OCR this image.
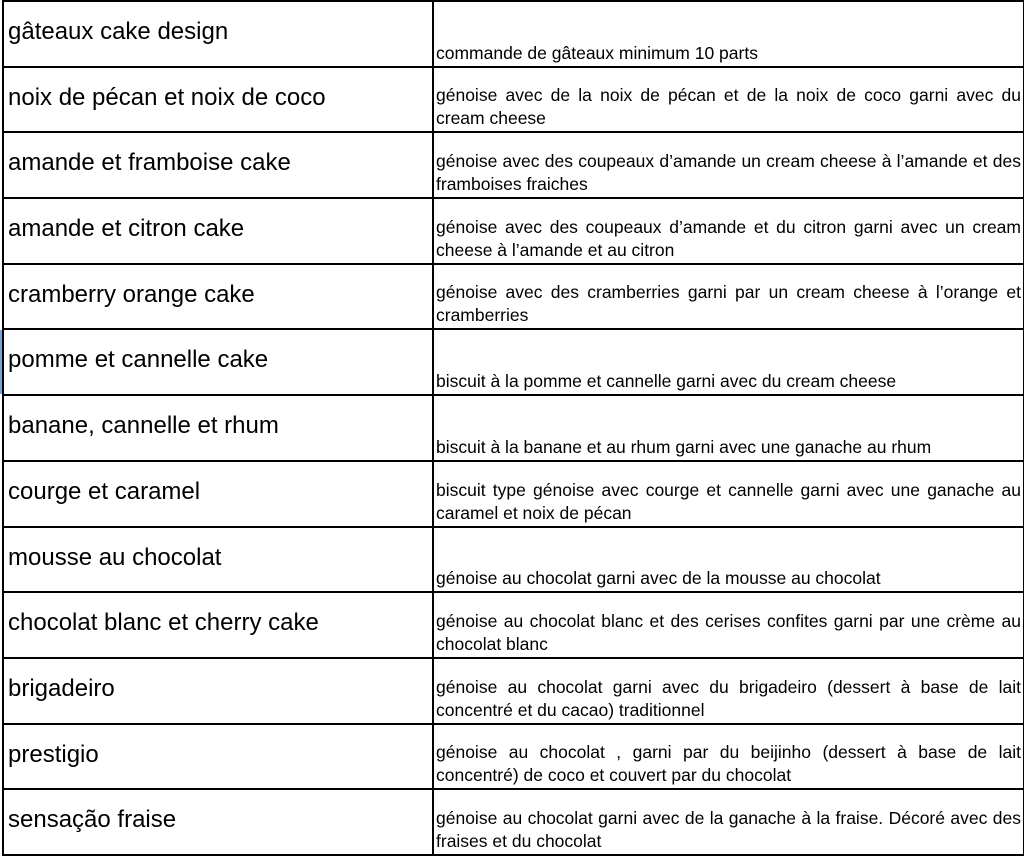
gâteaux cake design	commande de gâteaux minimum 10 parts
noix de pécan et noix de coco	génoise avec de la noix de pécan et de la noix de coco garni avec du cream cheese
amande et framboise cake	génoise avec des coupeaux d’amande un cream cheese à l’amande et des framboises fraiches
amande et citron cake	génoise avec des coupeaux d’amande et du citron garni avec un cream cheese à l’amande et au citron
cramberry orange cake	génoise avec des cramberries garni par un cream cheese à l’orange et cramberries
pomme et cannelle cake	biscuit à la pomme et cannelle garni avec du cream cheese
banane, cannelle et rhum	biscuit à la banane et au rhum garni avec une ganache au rhum
courge et caramel	biscuit type génoise avec courge et cannelle garni avec une ganache au caramel et noix de pécan
mousse au chocolat	génoise au chocolat garni avec de la mousse au chocolat
chocolat blanc et cherry cake	génoise au chocolat blanc et des cerises confites garni par une crème au chocolat blanc
brigadeiro	génoise au chocolat garni avec du brigadeiro (dessert à base de lait concentré et du cacao) traditionnel
prestigio	génoise au chocolat , garni par du beijinho (dessert à base de lait concentré) de coco et couvert par du chocolat
sensação fraise	génoise au chocolat garni avec de la ganache à la fraise. Décoré avec des fraises et du chocolat
